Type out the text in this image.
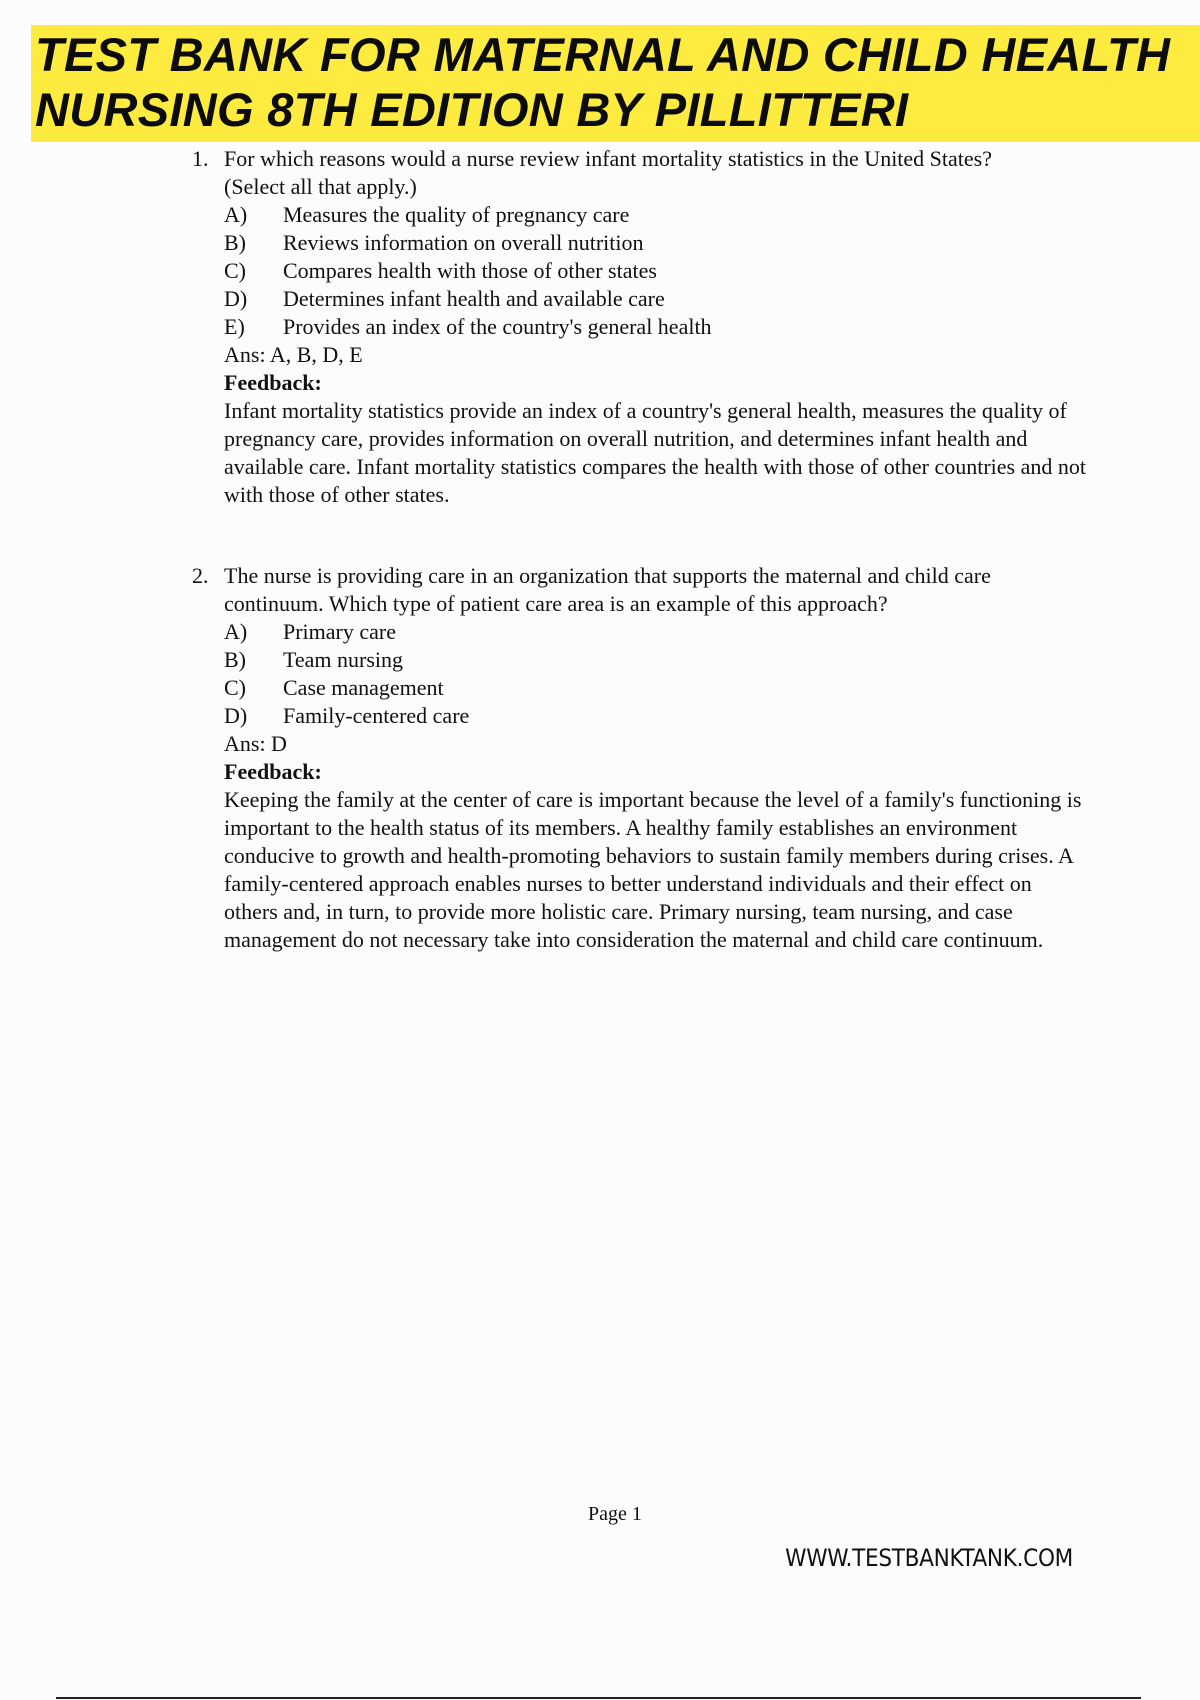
TEST BANK FOR MATERNAL AND CHILD HEALTH
NURSING 8TH EDITION BY PILLITTERI
1. For which reasons would a nurse review infant mortality statistics in the United States?
(Select all that apply.)
A)	Measures the quality of pregnancy care
B)	Reviews information on overall nutrition
C)	Compares health with those of other states
D)	Determines infant health and available care
E)	Provides an index of the country's general health
Ans: A, B, D, E
Feedback:
Infant mortality statistics provide an index of a country's general health, measures the quality of pregnancy care, provides information on overall nutrition, and determines infant health and available care. Infant mortality statistics compares the health with those of other countries and not with those of other states.
2. The nurse is providing care in an organization that supports the maternal and child care
continuum. Which type of patient care area is an example of this approach?
A)	Primary care
B)	Team nursing
C)	Case management
D)	Family-centered care
Ans: D
Feedback:
Keeping the family at the center of care is important because the level of a family's functioning is important to the health status of its members. A healthy family establishes an environment conducive to growth and health-promoting behaviors to sustain family members during crises. A family-centered approach enables nurses to better understand individuals and their effect on others and, in turn, to provide more holistic care. Primary nursing, team nursing, and case management do not necessary take into consideration the maternal and child care continuum.
Page 1
WWW.TESTBANKTANK.COM
